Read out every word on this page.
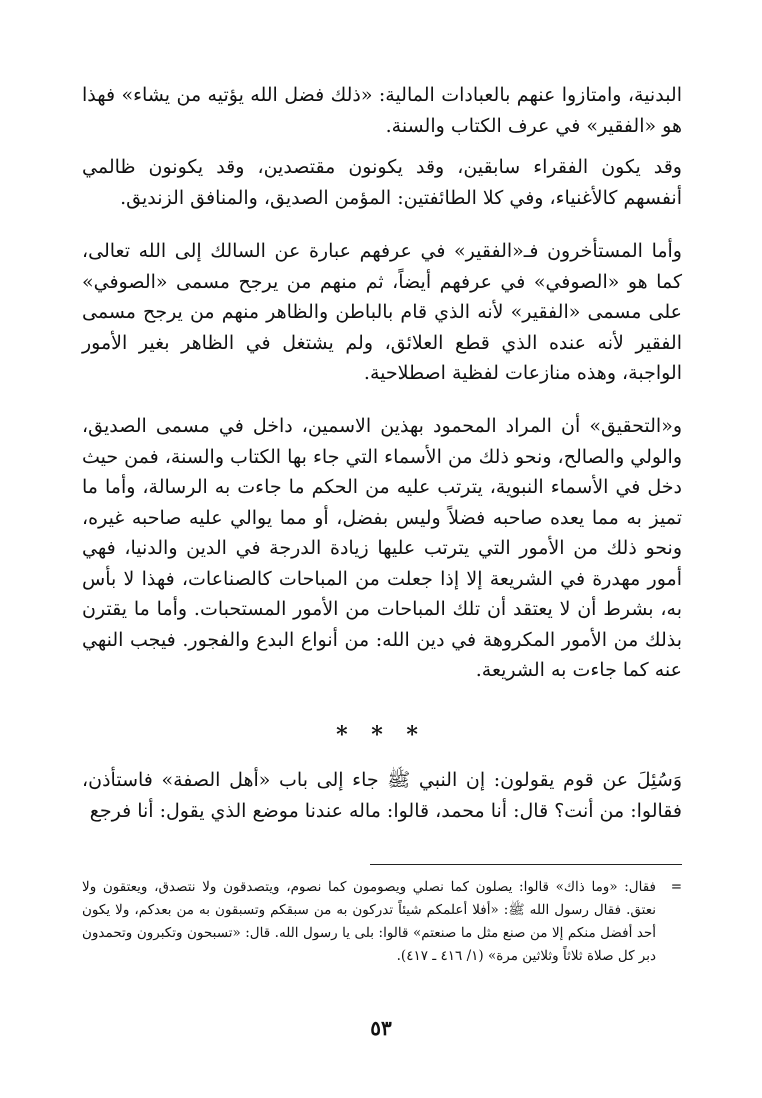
البدنية، وامتازوا عنهم بالعبادات المالية: «ذلك فضل الله يؤتيه من يشاء» فهذا هو «الفقير» في عرف الكتاب والسنة.

وقد يكون الفقراء سابقين، وقد يكونون مقتصدين، وقد يكونون ظالمي أنفسهم كالأغنياء، وفي كلا الطائفتين: المؤمن الصديق، والمنافق الزنديق.

وأما المستأخرون فـ«الفقير» في عرفهم عبارة عن السالك إلى الله تعالى، كما هو «الصوفي» في عرفهم أيضاً، ثم منهم من يرجح مسمى «الصوفي» على مسمى «الفقير» لأنه الذي قام بالباطن والظاهر منهم من يرجح مسمى الفقير لأنه عنده الذي قطع العلائق، ولم يشتغل في الظاهر بغير الأمور الواجبة، وهذه منازعات لفظية اصطلاحية.

و«التحقيق» أن المراد المحمود بهذين الاسمين، داخل في مسمى الصديق، والولي والصالح، ونحو ذلك من الأسماء التي جاء بها الكتاب والسنة، فمن حيث دخل في الأسماء النبوية، يترتب عليه من الحكم ما جاءت به الرسالة، وأما ما تميز به مما يعده صاحبه فضلاً وليس بفضل، أو مما يوالي عليه صاحبه غيره، ونحو ذلك من الأمور التي يترتب عليها زيادة الدرجة في الدين والدنيا، فهي أمور مهدرة في الشريعة إلا إذا جعلت من المباحات كالصناعات، فهذا لا بأس به، بشرط أن لا يعتقد أن تلك المباحات من الأمور المستحبات. وأما ما يقترن بذلك من الأمور المكروهة في دين الله: من أنواع البدع والفجور. فيجب النهي عنه كما جاءت به الشريعة.

* * *

وَسُئِلَ عن قوم يقولون: إن النبي ﷺ جاء إلى باب «أهل الصفة» فاستأذن، فقالوا: من أنت؟ قال: أنا محمد، قالوا: ماله عندنا موضع الذي يقول: أنا فرجع

=
فقال: «وما ذاك» قالوا: يصلون كما نصلي ويصومون كما نصوم، ويتصدقون ولا نتصدق، ويعتقون ولا نعتق. فقال رسول الله ﷺ: «أفلا أعلمكم شيئاً تدركون به من سبقكم وتسبقون به من بعدكم، ولا يكون أحد أفضل منكم إلا من صنع مثل ما صنعتم» قالوا: بلى يا رسول الله. قال: «تسبحون وتكبرون وتحمدون دبر كل صلاة ثلاثاً وثلاثين مرة» (١/ ٤١٦ ـ ٤١٧).
٥٣
